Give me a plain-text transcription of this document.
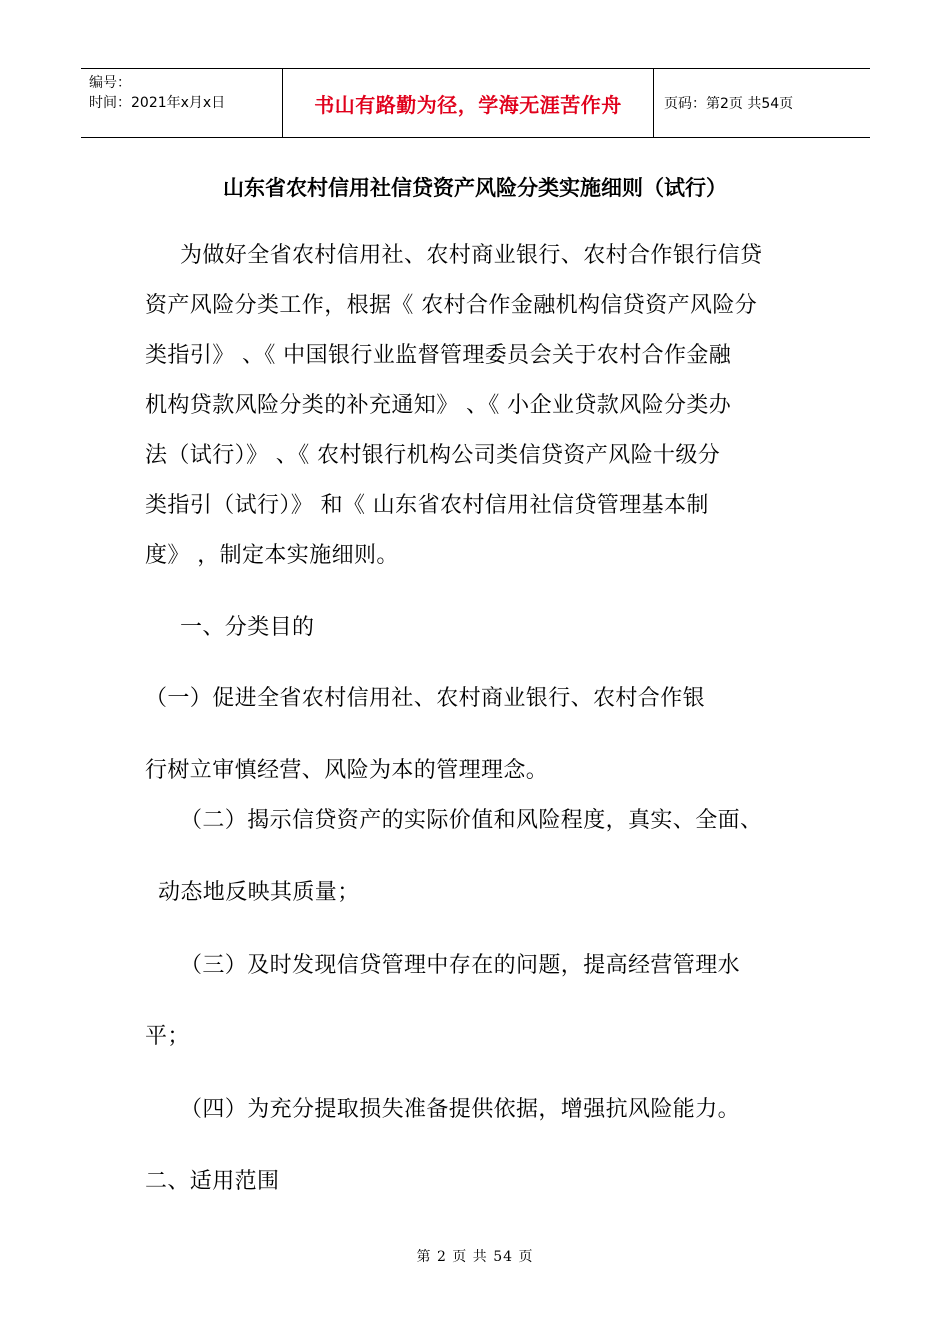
编号：
时间：2021年x月x日	书山有路勤为径，学海无涯苦作舟	页码：第2页 共54页
山东省农村信用社信贷资产风险分类实施细则（试行）
为做好全省农村信用社、农村商业银行、农村合作银行信贷
资产风险分类工作，根据《 农村合作金融机构信贷资产风险分
类指引》 、《 中国银行业监督管理委员会关于农村合作金融
机构贷款风险分类的补充通知》 、《 小企业贷款风险分类办
法（试行）》 、《 农村银行机构公司类信贷资产风险十级分
类指引（试行）》 和《 山东省农村信用社信贷管理基本制
度》 ，制定本实施细则。
一、分类目的
（一）促进全省农村信用社、农村商业银行、农村合作银
行树立审慎经营、风险为本的管理理念。
（二）揭示信贷资产的实际价值和风险程度，真实、全面、
动态地反映其质量；
（三）及时发现信贷管理中存在的问题，提高经营管理水
平；
（四）为充分提取损失准备提供依据，增强抗风险能力。
二、适用范围
第 2 页 共 54 页
